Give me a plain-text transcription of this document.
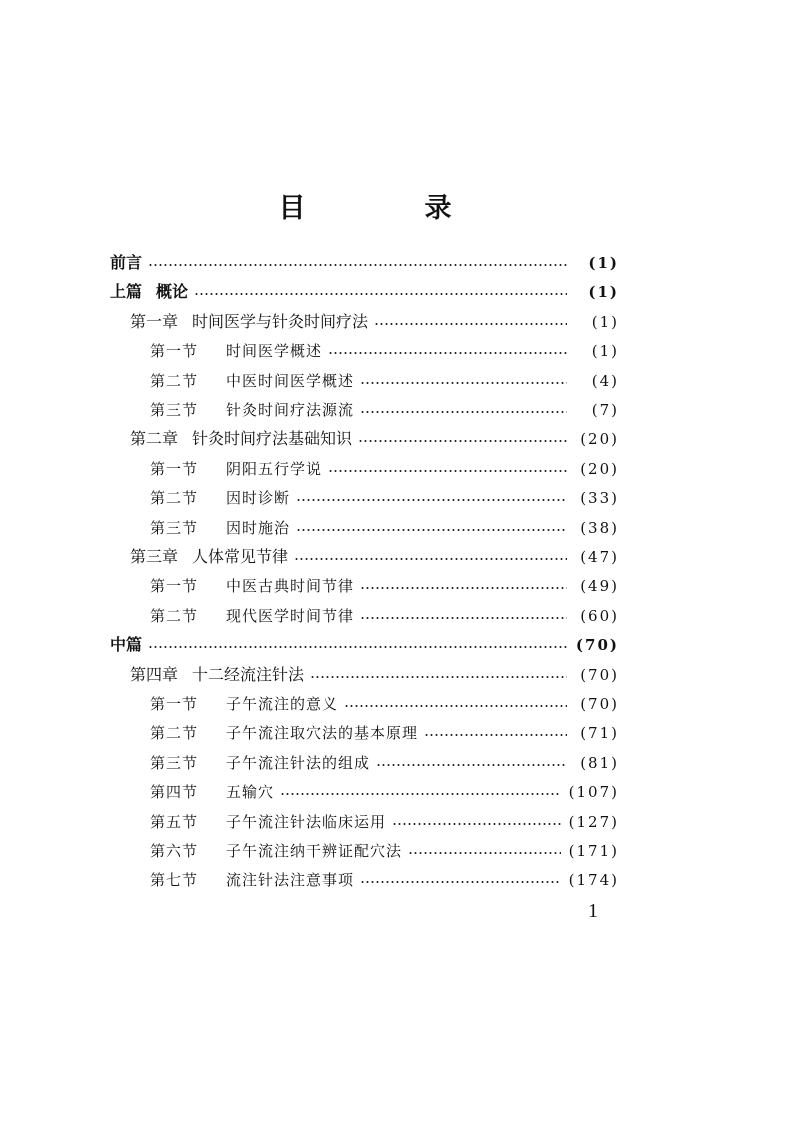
目　录
前言	(1)
上篇 概论	(1)
第一章 时间医学与针灸时间疗法	(1)
第一节 时间医学概述	(1)
第二节 中医时间医学概述	(4)
第三节 针灸时间疗法源流	(7)
第二章 针灸时间疗法基础知识	(20)
第一节 阴阳五行学说	(20)
第二节 因时诊断	(33)
第三节 因时施治	(38)
第三章 人体常见节律	(47)
第一节 中医古典时间节律	(49)
第二节 现代医学时间节律	(60)
中篇	(70)
第四章 十二经流注针法	(70)
第一节 子午流注的意义	(70)
第二节 子午流注取穴法的基本原理	(71)
第三节 子午流注针法的组成	(81)
第四节 五输穴	(107)
第五节 子午流注针法临床运用	(127)
第六节 子午流注纳干辨证配穴法	(171)
第七节 流注针法注意事项	(174)
1
